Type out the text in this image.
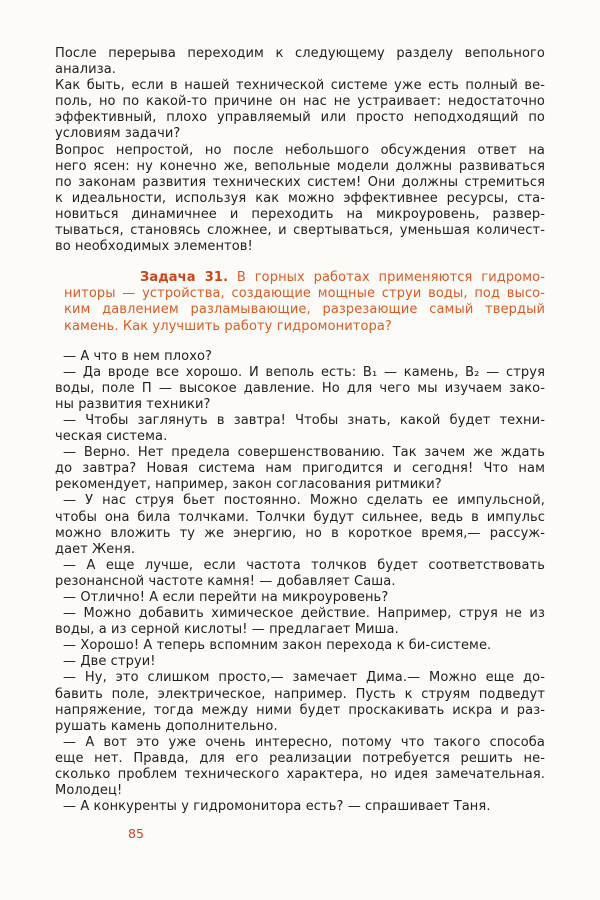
После перерыва переходим к следующему разделу вепольного
анализа.
Как быть, если в нашей технической системе уже есть полный ве-
поль, но по какой-то причине он нас не устраивает: недостаточно
эффективный, плохо управляемый или просто неподходящий по
условиям задачи?
Вопрос непростой, но после небольшого обсуждения ответ на
него ясен: ну конечно же, вепольные модели должны развиваться
по законам развития технических систем! Они должны стремиться
к идеальности, используя как можно эффективнее ресурсы, ста-
новиться динамичнее и переходить на микроуровень, развер-
тываться, становясь сложнее, и свертываться, уменьшая количест-
во необходимых элементов!
Задача 31. В горных работах применяются гидромо-
ниторы — устройства, создающие мощные струи воды, под высо-
ким давлением разламывающие, разрезающие самый твердый
камень. Как улучшить работу гидромонитора?
— А что в нем плохо?
— Да вроде все хорошо. И веполь есть: В₁ — камень, В₂ — струя
воды, поле П — высокое давление. Но для чего мы изучаем зако-
ны развития техники?
— Чтобы заглянуть в завтра! Чтобы знать, какой будет техни-
ческая система.
— Верно. Нет предела совершенствованию. Так зачем же ждать
до завтра? Новая система нам пригодится и сегодня! Что нам
рекомендует, например, закон согласования ритмики?
— У нас струя бьет постоянно. Можно сделать ее импульсной,
чтобы она била толчками. Толчки будут сильнее, ведь в импульс
можно вложить ту же энергию, но в короткое время,— рассуж-
дает Женя.
— А еще лучше, если частота толчков будет соответствовать
резонансной частоте камня! — добавляет Саша.
— Отлично! А если перейти на микроуровень?
— Можно добавить химическое действие. Например, струя не из
воды, а из серной кислоты! — предлагает Миша.
— Хорошо! А теперь вспомним закон перехода к би-системе.
— Две струи!
— Ну, это слишком просто,— замечает Дима.— Можно еще до-
бавить поле, электрическое, например. Пусть к струям подведут
напряжение, тогда между ними будет проскакивать искра и раз-
рушать камень дополнительно.
— А вот это уже очень интересно, потому что такого способа
еще нет. Правда, для его реализации потребуется решить не-
сколько проблем технического характера, но идея замечательная.
Молодец!
— А конкуренты у гидромонитора есть? — спрашивает Таня.
85
